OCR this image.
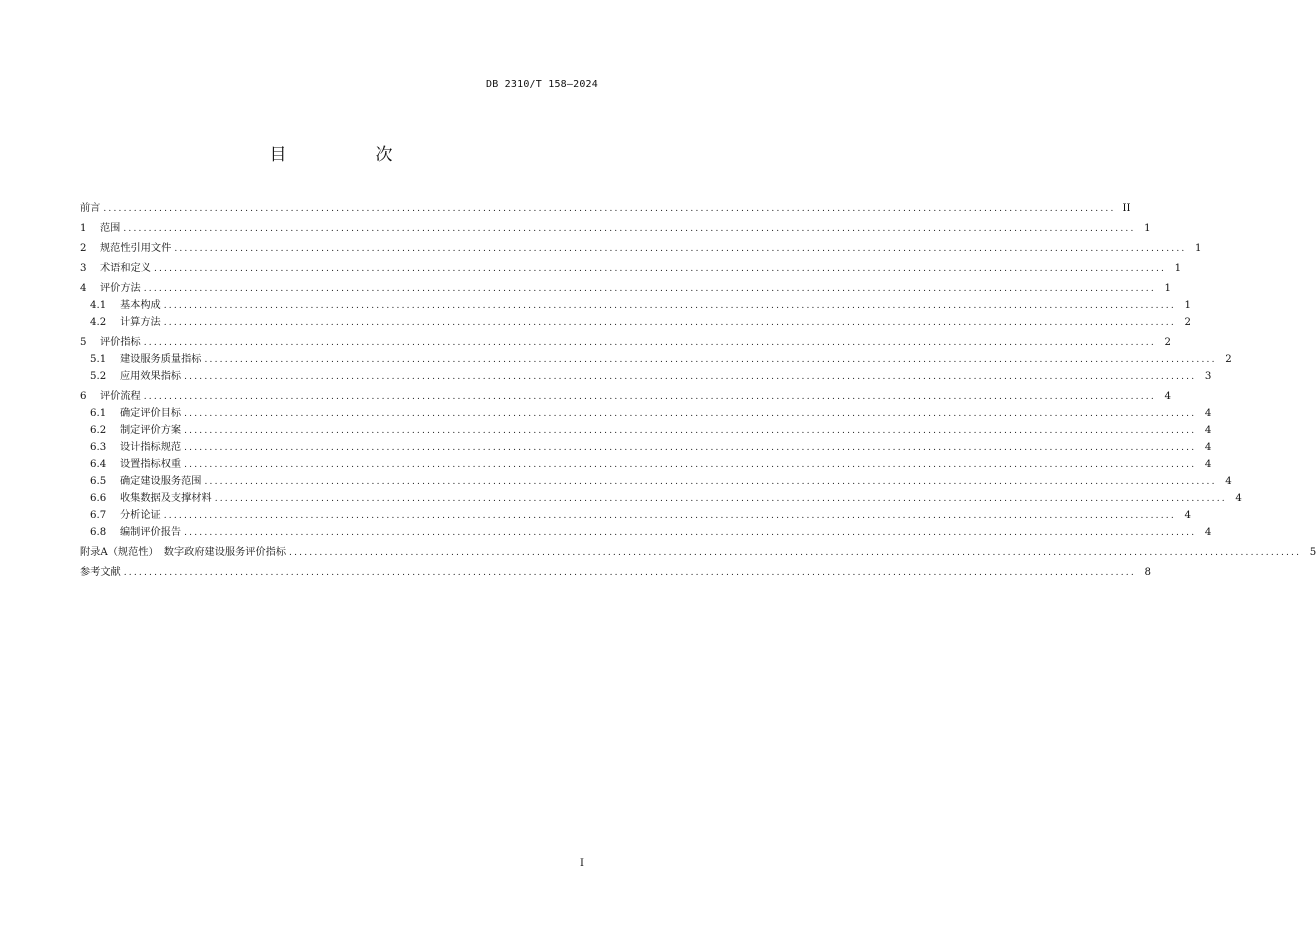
DB 2310/T 158—2024
目　次
前言 ........................................................................................................................................................................................................ II
1	范围 ........................................................................................................................................................................................................ 1
2	规范性引用文件 ........................................................................................................................................................................................................ 1
3	术语和定义 ........................................................................................................................................................................................................ 1
4	评价方法 ........................................................................................................................................................................................................ 1
4.1	基本构成 ........................................................................................................................................................................................................ 1
4.2	计算方法 ........................................................................................................................................................................................................ 2
5	评价指标 ........................................................................................................................................................................................................ 2
5.1	建设服务质量指标 ........................................................................................................................................................................................................ 2
5.2	应用效果指标 ........................................................................................................................................................................................................ 3
6	评价流程 ........................................................................................................................................................................................................ 4
6.1	确定评价目标 ........................................................................................................................................................................................................ 4
6.2	制定评价方案 ........................................................................................................................................................................................................ 4
6.3	设计指标规范 ........................................................................................................................................................................................................ 4
6.4	设置指标权重 ........................................................................................................................................................................................................ 4
6.5	确定建设服务范围 ........................................................................................................................................................................................................ 4
6.6	收集数据及支撑材料 ........................................................................................................................................................................................................ 4
6.7	分析论证 ........................................................................................................................................................................................................ 4
6.8	编制评价报告 ........................................................................................................................................................................................................ 4
附录A（规范性）　数字政府建设服务评价指标 ........................................................................................................................................................................................................ 5
参考文献 ........................................................................................................................................................................................................ 8
I
